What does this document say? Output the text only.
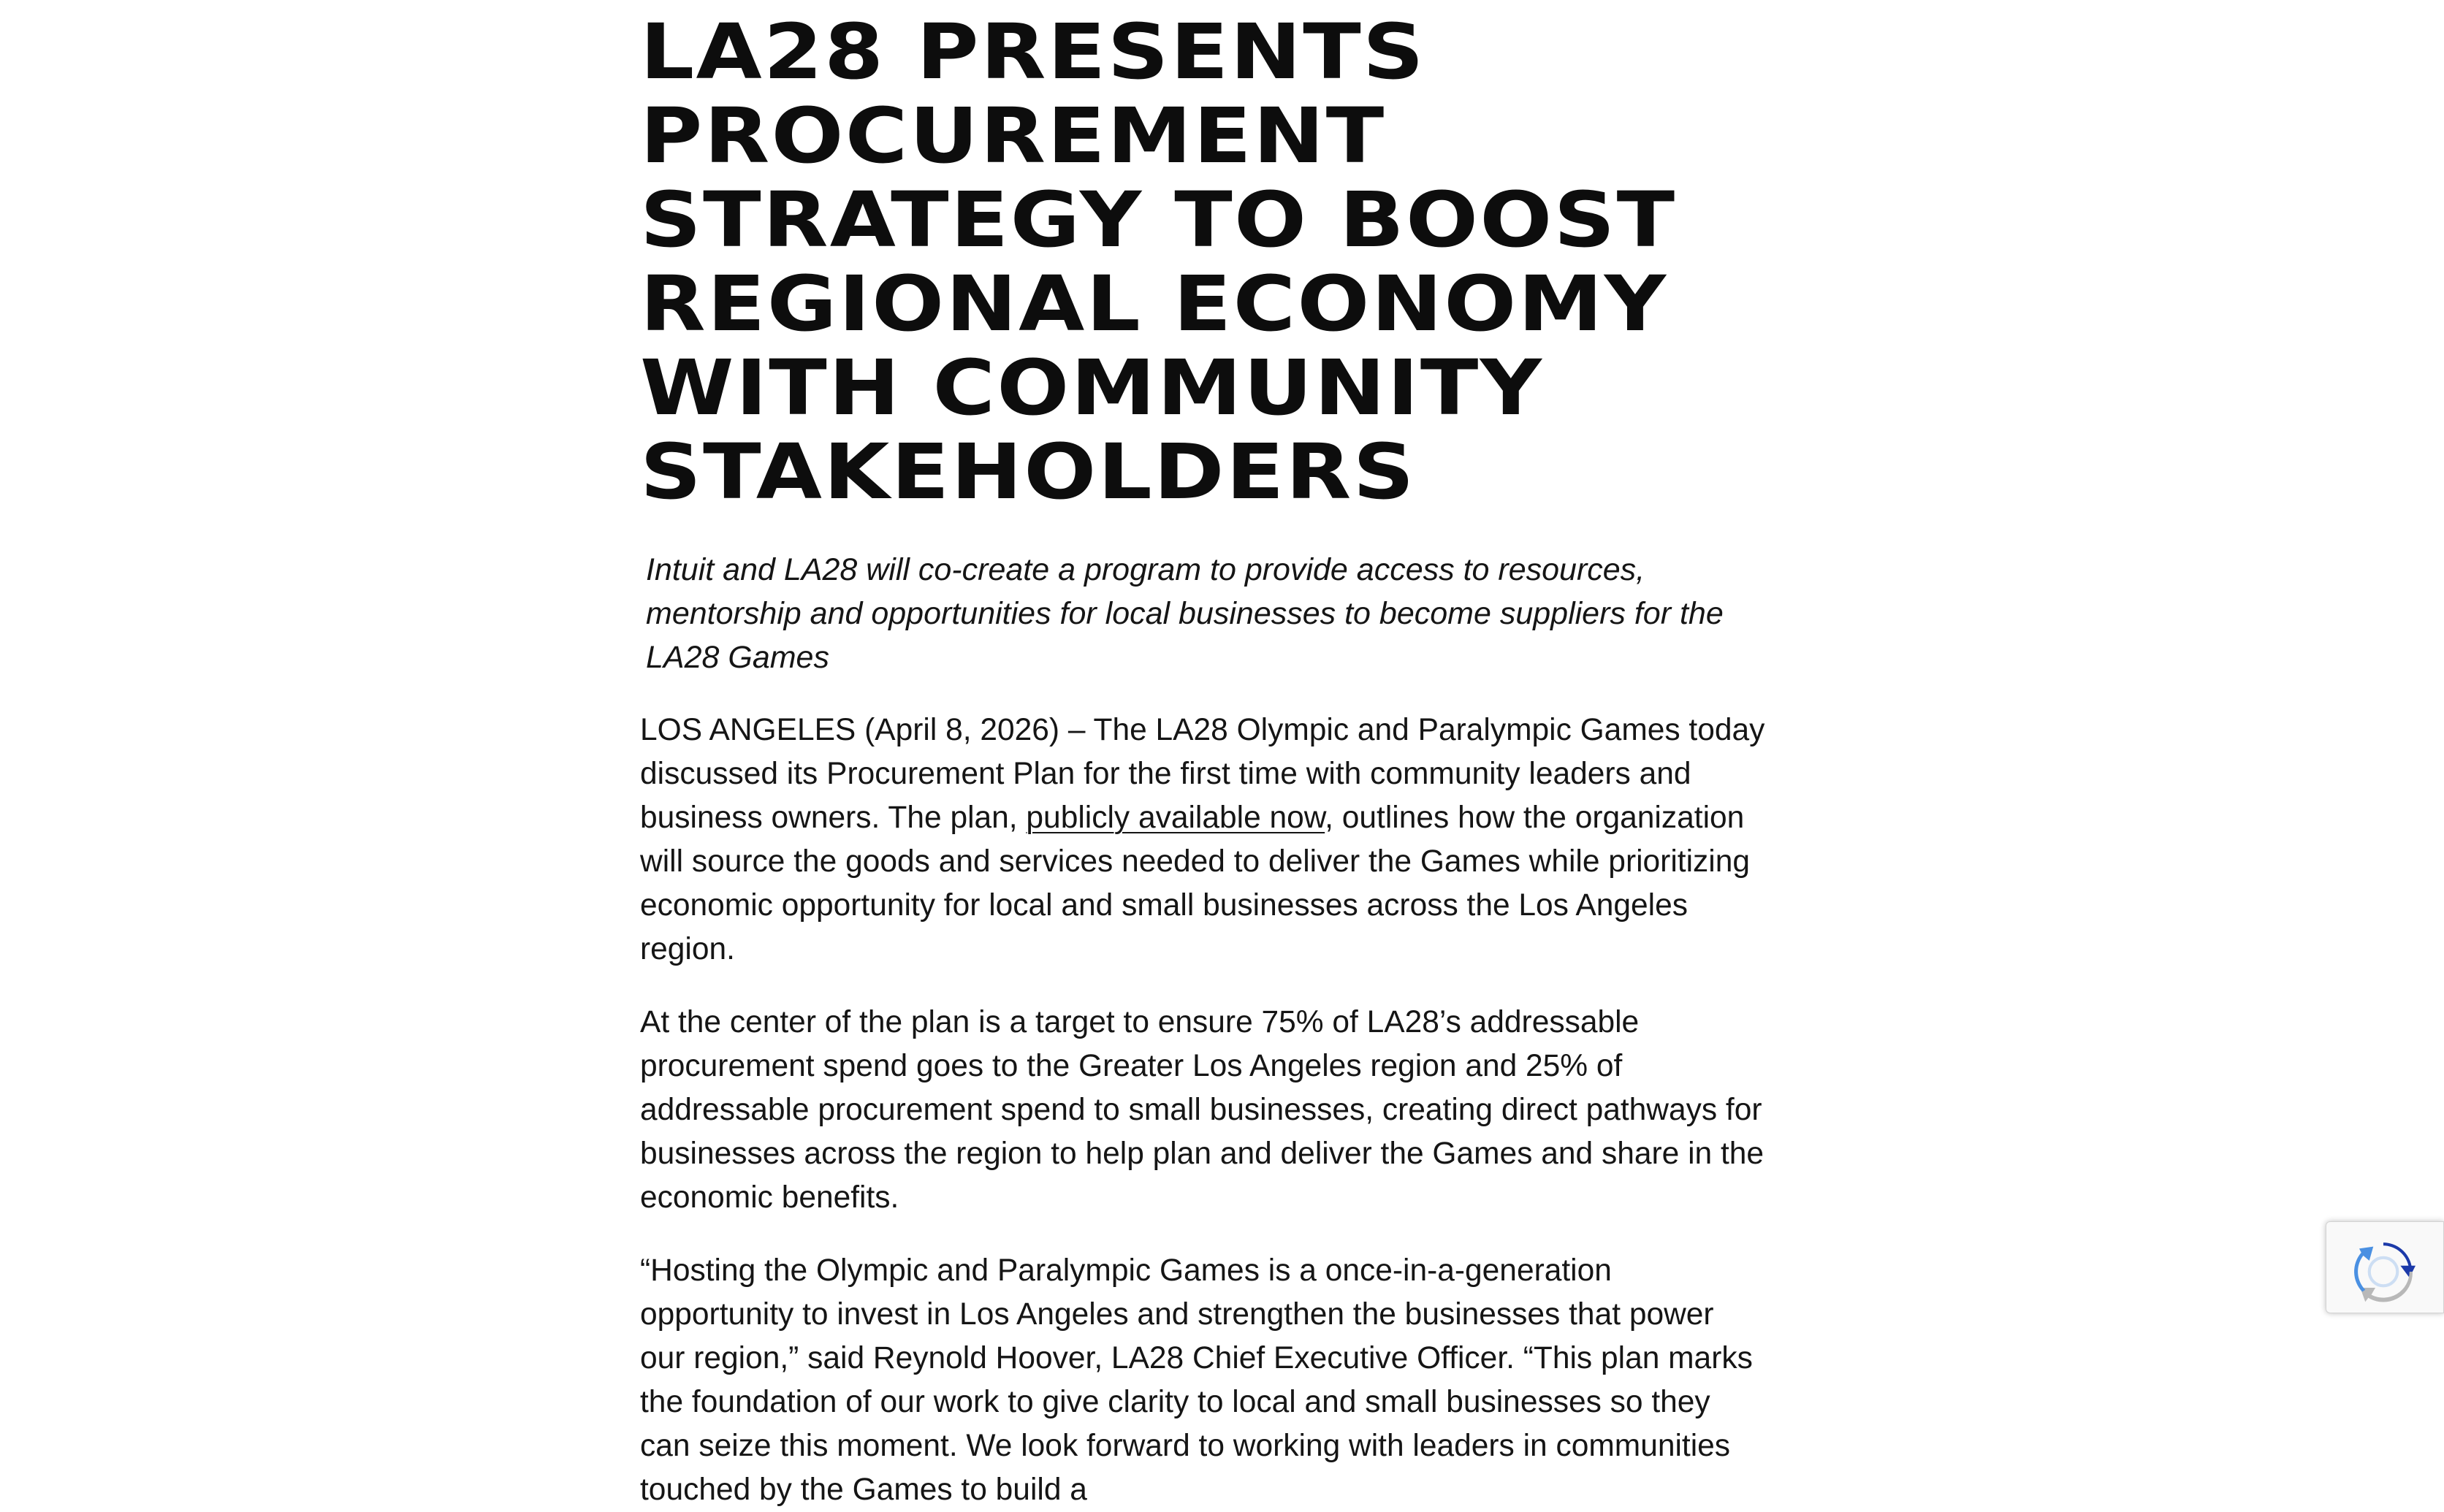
LA28 PRESENTS PROCUREMENT STRATEGY TO BOOST REGIONAL ECONOMY WITH COMMUNITY STAKEHOLDERS

Intuit and LA28 will co-create a program to provide access to resources, mentorship and opportunities for local businesses to become suppliers for the LA28 Games

LOS ANGELES (April 8, 2026) – The LA28 Olympic and Paralympic Games today discussed its Procurement Plan for the first time with community leaders and business owners. The plan, publicly available now, outlines how the organization will source the goods and services needed to deliver the Games while prioritizing economic opportunity for local and small businesses across the Los Angeles region.

At the center of the plan is a target to ensure 75% of LA28’s addressable procurement spend goes to the Greater Los Angeles region and 25% of addressable procurement spend to small businesses, creating direct pathways for businesses across the region to help plan and deliver the Games and share in the economic benefits.

“Hosting the Olympic and Paralympic Games is a once-in-a-generation opportunity to invest in Los Angeles and strengthen the businesses that power our region,” said Reynold Hoover, LA28 Chief Executive Officer. “This plan marks the foundation of our work to give clarity to local and small businesses so they can seize this moment. We look forward to working with leaders in communities touched by the Games to build a
